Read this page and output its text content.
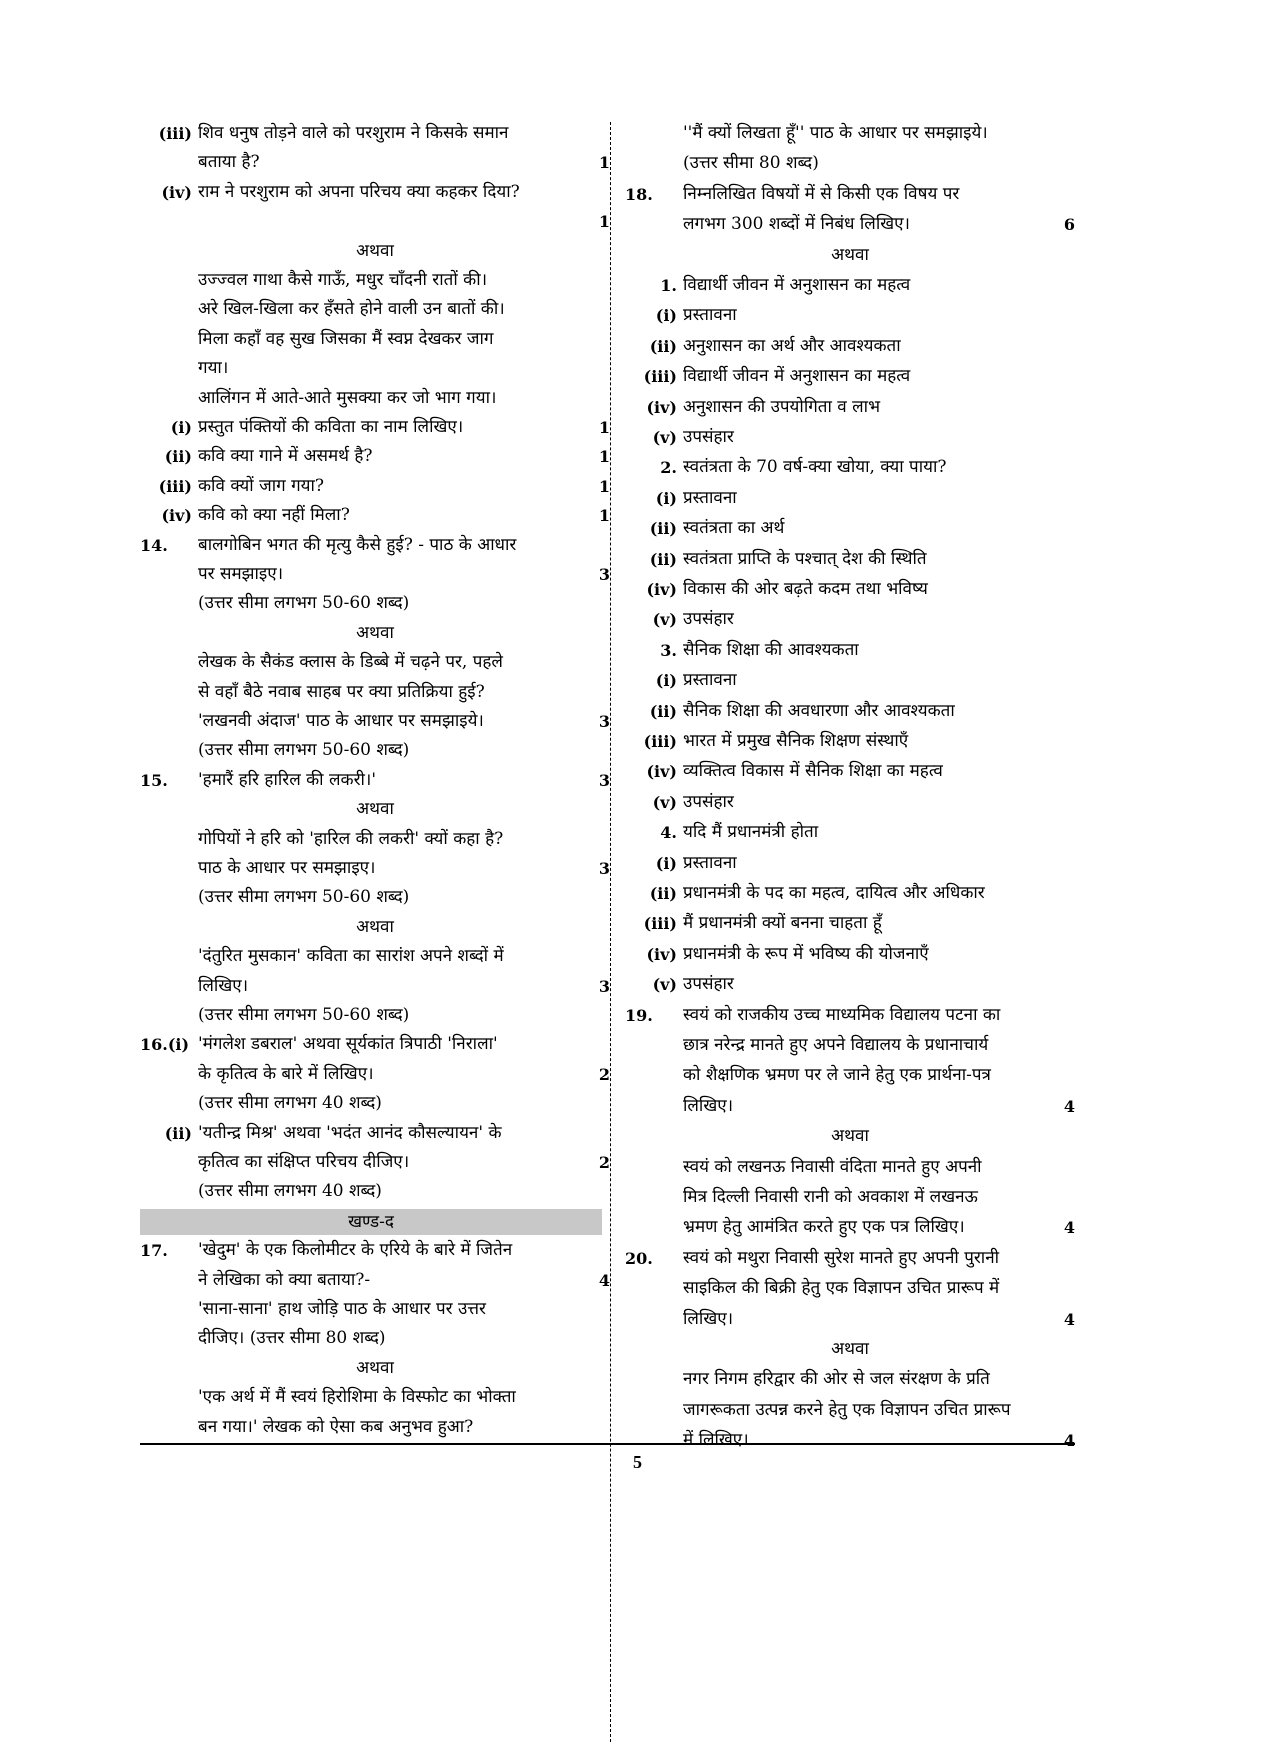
(iii) शिव धनुष तोड़ने वाले को परशुराम ने किसके समान
बताया है?	1
(iv) राम ने परशुराम को अपना परिचय क्या कहकर दिया?
1
अथवा
उज्ज्वल गाथा कैसे गाऊँ, मधुर चाँदनी रातों की।
अरे खिल-खिला कर हँसते होने वाली उन बातों की।
मिला कहाँ वह सुख जिसका मैं स्वप्न देखकर जाग
गया।
आलिंगन में आते-आते मुसक्या कर जो भाग गया।
(i) प्रस्तुत पंक्तियों की कविता का नाम लिखिए।	1
(ii) कवि क्या गाने में असमर्थ है?	1
(iii) कवि क्यों जाग गया?	1
(iv) कवि को क्या नहीं मिला?	1
14.	बालगोबिन भगत की मृत्यु कैसे हुई? - पाठ के आधार
पर समझाइए।	3
(उत्तर सीमा लगभग 50-60 शब्द)
अथवा
लेखक के सैकंड क्लास के डिब्बे में चढ़ने पर, पहले
से वहाँ बैठे नवाब साहब पर क्या प्रतिक्रिया हुई?
'लखनवी अंदाज' पाठ के आधार पर समझाइये।	3
(उत्तर सीमा लगभग 50-60 शब्द)
15.	'हमारैं हरि हारिल की लकरी।'	3
अथवा
गोपियों ने हरि को 'हारिल की लकरी' क्यों कहा है?
पाठ के आधार पर समझाइए।	3
(उत्तर सीमा लगभग 50-60 शब्द)
अथवा
'दंतुरित मुसकान' कविता का सारांश अपने शब्दों में
लिखिए।	3
(उत्तर सीमा लगभग 50-60 शब्द)
16.(i) 'मंगलेश डबराल' अथवा सूर्यकांत त्रिपाठी 'निराला'
के कृतित्व के बारे में लिखिए।	2
(उत्तर सीमा लगभग 40 शब्द)
(ii) 'यतीन्द्र मिश्र' अथवा 'भदंत आनंद कौसल्यायन' के
कृतित्व का संक्षिप्त परिचय दीजिए।	2
(उत्तर सीमा लगभग 40 शब्द)
खण्ड-द
17.	'खेदुम' के एक किलोमीटर के एरिये के बारे में जितेन
ने लेखिका को क्या बताया?-	4
'साना-साना' हाथ जोड़ि पाठ के आधार पर उत्तर
दीजिए। (उत्तर सीमा 80 शब्द)
अथवा
'एक अर्थ में मैं स्वयं हिरोशिमा के विस्फोट का भोक्ता
बन गया।' लेखक को ऐसा कब अनुभव हुआ?
''मैं क्यों लिखता हूँ'' पाठ के आधार पर समझाइये।
(उत्तर सीमा 80 शब्द)
18.	निम्नलिखित विषयों में से किसी एक विषय पर
लगभग 300 शब्दों में निबंध लिखिए।	6
अथवा
1. विद्यार्थी जीवन में अनुशासन का महत्व
(i) प्रस्तावना
(ii) अनुशासन का अर्थ और आवश्यकता
(iii) विद्यार्थी जीवन में अनुशासन का महत्व
(iv) अनुशासन की उपयोगिता व लाभ
(v) उपसंहार
2. स्वतंत्रता के 70 वर्ष-क्या खोया, क्या पाया?
(i) प्रस्तावना
(ii) स्वतंत्रता का अर्थ
(ii) स्वतंत्रता प्राप्ति के पश्चात् देश की स्थिति
(iv) विकास की ओर बढ़ते कदम तथा भविष्य
(v) उपसंहार
3. सैनिक शिक्षा की आवश्यकता
(i) प्रस्तावना
(ii) सैनिक शिक्षा की अवधारणा और आवश्यकता
(iii) भारत में प्रमुख सैनिक शिक्षण संस्थाएँ
(iv) व्यक्तित्व विकास में सैनिक शिक्षा का महत्व
(v) उपसंहार
4. यदि मैं प्रधानमंत्री होता
(i) प्रस्तावना
(ii) प्रधानमंत्री के पद का महत्व, दायित्व और अधिकार
(iii) मैं प्रधानमंत्री क्यों बनना चाहता हूँ
(iv) प्रधानमंत्री के रूप में भविष्य की योजनाएँ
(v) उपसंहार
19.	स्वयं को राजकीय उच्च माध्यमिक विद्यालय पटना का
छात्र नरेन्द्र मानते हुए अपने विद्यालय के प्रधानाचार्य
को शैक्षणिक भ्रमण पर ले जाने हेतु एक प्रार्थना-पत्र
लिखिए।	4
अथवा
स्वयं को लखनऊ निवासी वंदिता मानते हुए अपनी
मित्र दिल्ली निवासी रानी को अवकाश में लखनऊ
भ्रमण हेतु आमंत्रित करते हुए एक पत्र लिखिए।	4
20.	स्वयं को मथुरा निवासी सुरेश मानते हुए अपनी पुरानी
साइकिल की बिक्री हेतु एक विज्ञापन उचित प्रारूप में
लिखिए।	4
अथवा
नगर निगम हरिद्वार की ओर से जल संरक्षण के प्रति
जागरूकता उत्पन्न करने हेतु एक विज्ञापन उचित प्रारूप
में लिखिए।	4
5
